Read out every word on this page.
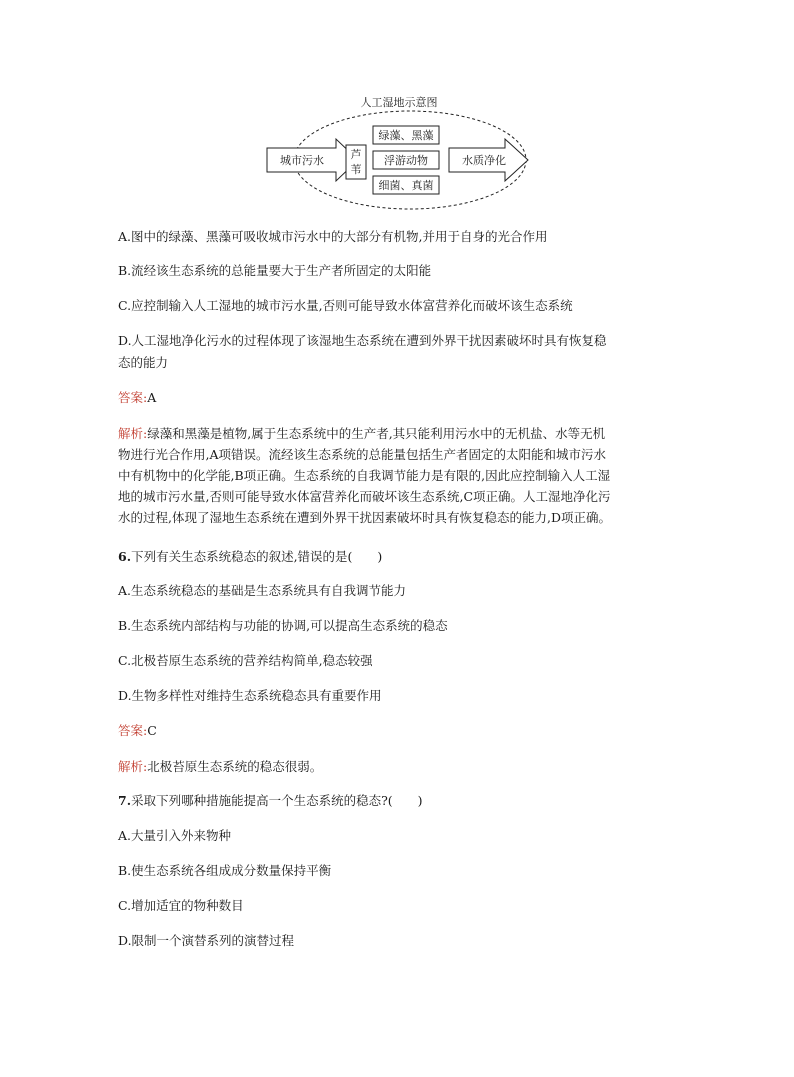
人工湿地示意图
城市污水 芦
苇
绿藻、黑藻
浮游动物
细菌、真菌
水质净化
A.图中的绿藻、黑藻可吸收城市污水中的大部分有机物,并用于自身的光合作用
B.流经该生态系统的总能量要大于生产者所固定的太阳能
C.应控制输入人工湿地的城市污水量,否则可能导致水体富营养化而破坏该生态系统
D.人工湿地净化污水的过程体现了该湿地生态系统在遭到外界干扰因素破坏时具有恢复稳
态的能力
答案:A

解析:绿藻和黑藻是植物,属于生态系统中的生产者,其只能利用污水中的无机盐、水等无机

物进行光合作用,A项错误。流经该生态系统的总能量包括生产者固定的太阳能和城市污水

中有机物中的化学能,B项正确。生态系统的自我调节能力是有限的,因此应控制输入人工湿

地的城市污水量,否则可能导致水体富营养化而破坏该生态系统,C项正确。人工湿地净化污

水的过程,体现了湿地生态系统在遭到外界干扰因素破坏时具有恢复稳态的能力,D项正确。

6.下列有关生态系统稳态的叙述,错误的是(　　)
A.生态系统稳态的基础是生态系统具有自我调节能力
B.生态系统内部结构与功能的协调,可以提高生态系统的稳态
C.北极苔原生态系统的营养结构简单,稳态较强
D.生物多样性对维持生态系统稳态具有重要作用
答案:C
解析:北极苔原生态系统的稳态很弱。
7.采取下列哪种措施能提高一个生态系统的稳态?(　　)
A.大量引入外来物种
B.使生态系统各组成成分数量保持平衡
C.增加适宜的物种数目
D.限制一个演替系列的演替过程
